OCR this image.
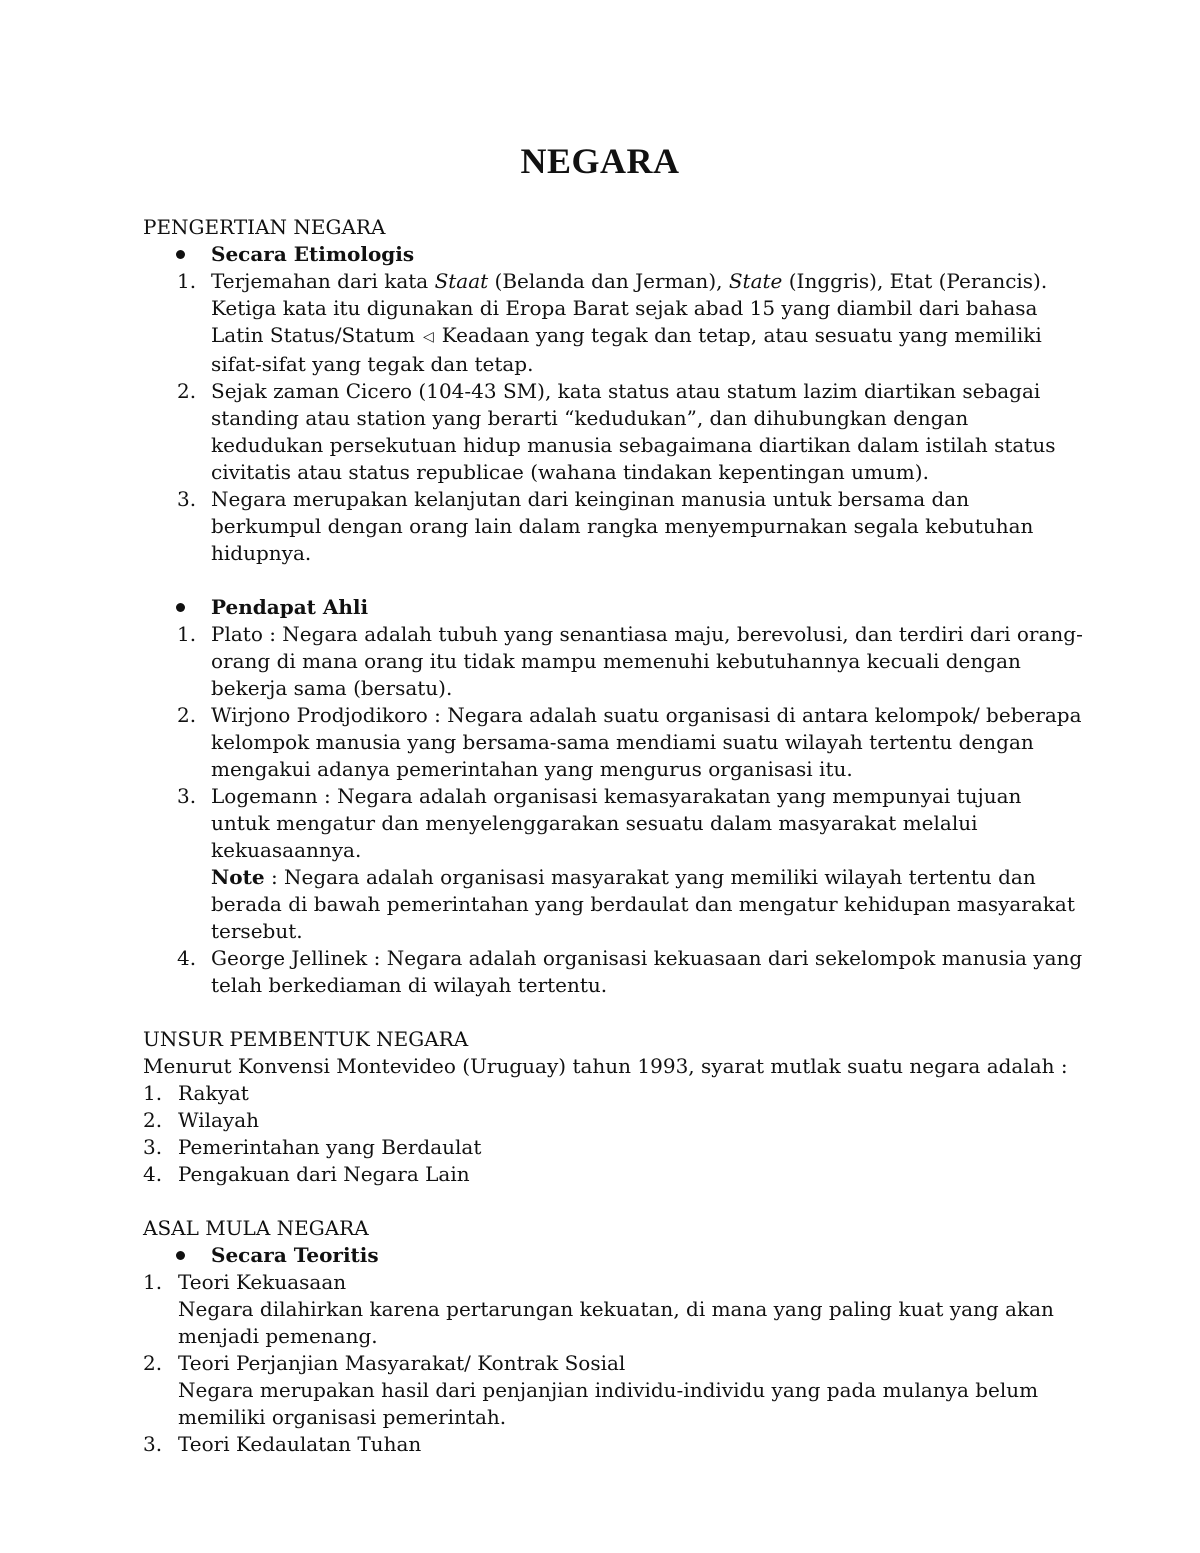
NEGARA

PENGERTIAN NEGARA

Secara Etimologis

1. Terjemahan dari kata Staat (Belanda dan Jerman), State (Inggris), Etat (Perancis). Ketiga kata itu digunakan di Eropa Barat sejak abad 15 yang diambil dari bahasa Latin Status/Statum ◁ Keadaan yang tegak dan tetap, atau sesuatu yang memiliki sifat-sifat yang tegak dan tetap.
2. Sejak zaman Cicero (104-43 SM), kata status atau statum lazim diartikan sebagai standing atau station yang berarti “kedudukan”, dan dihubungkan dengan kedudukan persekutuan hidup manusia sebagaimana diartikan dalam istilah status civitatis atau status republicae (wahana tindakan kepentingan umum).
3. Negara merupakan kelanjutan dari keinginan manusia untuk bersama dan berkumpul dengan orang lain dalam rangka menyempurnakan segala kebutuhan hidupnya.

Pendapat Ahli

1. Plato : Negara adalah tubuh yang senantiasa maju, berevolusi, dan terdiri dari orang-orang di mana orang itu tidak mampu memenuhi kebutuhannya kecuali dengan bekerja sama (bersatu).
2. Wirjono Prodjodikoro : Negara adalah suatu organisasi di antara kelompok/ beberapa kelompok manusia yang bersama-sama mendiami suatu wilayah tertentu dengan mengakui adanya pemerintahan yang mengurus organisasi itu.
3. Logemann : Negara adalah organisasi kemasyarakatan yang mempunyai tujuan untuk mengatur dan menyelenggarakan sesuatu dalam masyarakat melalui kekuasaannya.
Note : Negara adalah organisasi masyarakat yang memiliki wilayah tertentu dan berada di bawah pemerintahan yang berdaulat dan mengatur kehidupan masyarakat tersebut.
4. George Jellinek : Negara adalah organisasi kekuasaan dari sekelompok manusia yang telah berkediaman di wilayah tertentu.

UNSUR PEMBENTUK NEGARA

Menurut Konvensi Montevideo (Uruguay) tahun 1993, syarat mutlak suatu negara adalah :

1. Rakyat
2. Wilayah
3. Pemerintahan yang Berdaulat
4. Pengakuan dari Negara Lain

ASAL MULA NEGARA

Secara Teoritis

1. Teori Kekuasaan
Negara dilahirkan karena pertarungan kekuatan, di mana yang paling kuat yang akan menjadi pemenang.
2. Teori Perjanjian Masyarakat/ Kontrak Sosial
Negara merupakan hasil dari penjanjian individu-individu yang pada mulanya belum memiliki organisasi pemerintah.
3. Teori Kedaulatan Tuhan
